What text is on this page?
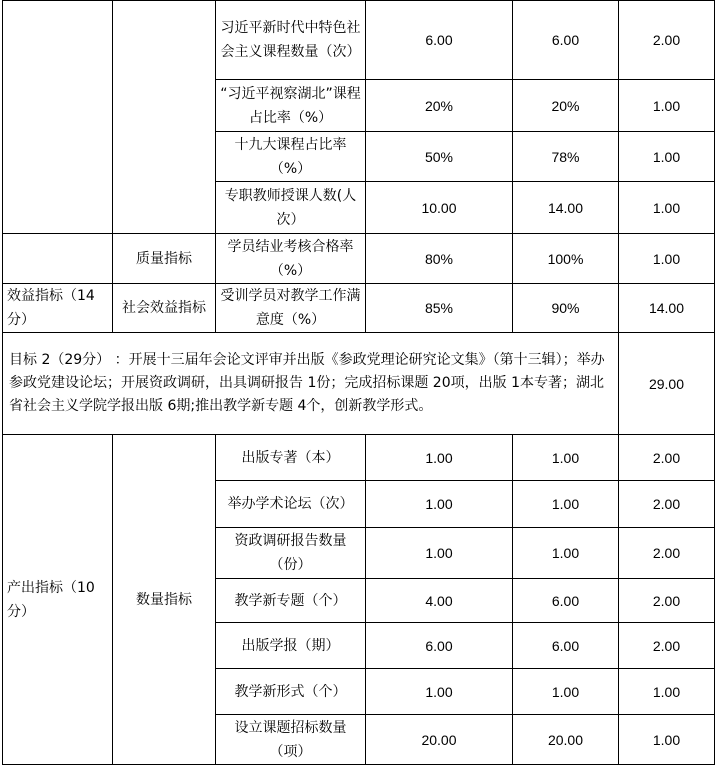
		习近平新时代中特色社会主义课程数量（次）	6.00	6.00	2.00
		“习近平视察湖北”课程占比率（%）	20%	20%	1.00
		十九大课程占比率（%）	50%	78%	1.00
		专职教师授课人数(人次）	10.00	14.00	1.00
	质量指标	学员结业考核合格率（%）	80%	100%	1.00
效益指标（14分）	社会效益指标	受训学员对教学工作满意度（%）	85%	90%	14.00
目标 2（29分） ：开展十三届年会论文评审并出版《参政党理论研究论文集》（第十三辑）；举办参政党建设论坛；开展资政调研，出具调研报告 1份；完成招标课题 20项，出版 1本专著；湖北省社会主义学院学报出版 6期;推出教学新专题 4个，创新教学形式。					29.00
产出指标（10分）	数量指标	出版专著（本）	1.00	1.00	2.00
		举办学术论坛（次）	1.00	1.00	2.00
		资政调研报告数量（份）	1.00	1.00	2.00
		教学新专题（个）	4.00	6.00	2.00
		出版学报（期）	6.00	6.00	2.00
		教学新形式（个）	1.00	1.00	1.00
		设立课题招标数量（项）	20.00	20.00	1.00
